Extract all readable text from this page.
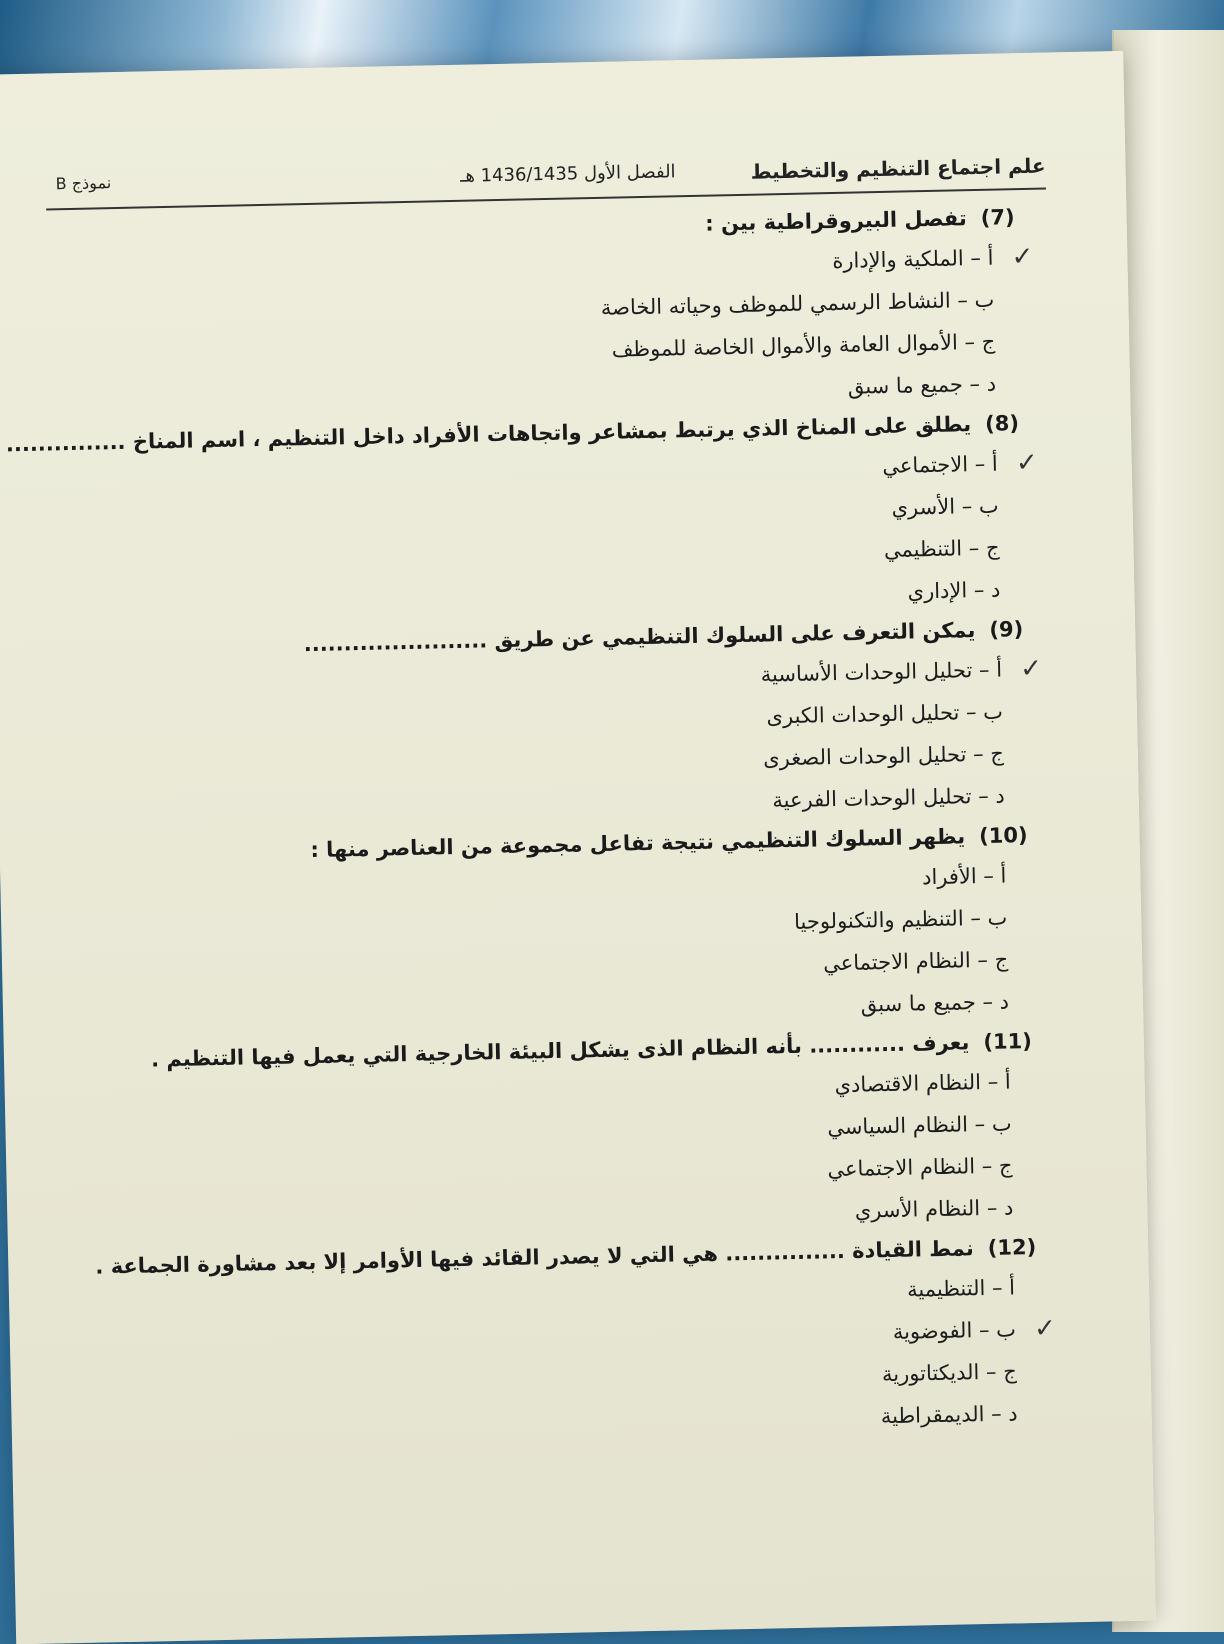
علم اجتماع التنظيم والتخطيط
الفصل الأول 1436/1435 هـ
نموذج B
(7)تفصل البيروقراطية بين :
✓
أ – الملكية والإدارة
ب – النشاط الرسمي للموظف وحياته الخاصة
ج – الأموال العامة والأموال الخاصة للموظف
د – جميع ما سبق
(8)يطلق على المناخ الذي يرتبط بمشاعر واتجاهات الأفراد داخل التنظيم ، اسم المناخ ...............
✓
أ – الاجتماعي
ب – الأسري
ج – التنظيمي
د – الإداري
(9)يمكن التعرف على السلوك التنظيمي عن طريق .......................
✓
أ – تحليل الوحدات الأساسية
ب – تحليل الوحدات الكبرى
ج – تحليل الوحدات الصغرى
د – تحليل الوحدات الفرعية
(10)يظهر السلوك التنظيمي نتيجة تفاعل مجموعة من العناصر منها :
أ – الأفراد
ب – التنظيم والتكنولوجيا
ج – النظام الاجتماعي
د – جميع ما سبق
(11)يعرف ............ بأنه النظام الذى يشكل البيئة الخارجية التي يعمل فيها التنظيم .
أ – النظام الاقتصادي
ب – النظام السياسي
ج – النظام الاجتماعي
د – النظام الأسري
(12)نمط القيادة ............... هي التي لا يصدر القائد فيها الأوامر إلا بعد مشاورة الجماعة .
أ – التنظيمية
✓
ب – الفوضوية
ج – الديكتاتورية
د – الديمقراطية
